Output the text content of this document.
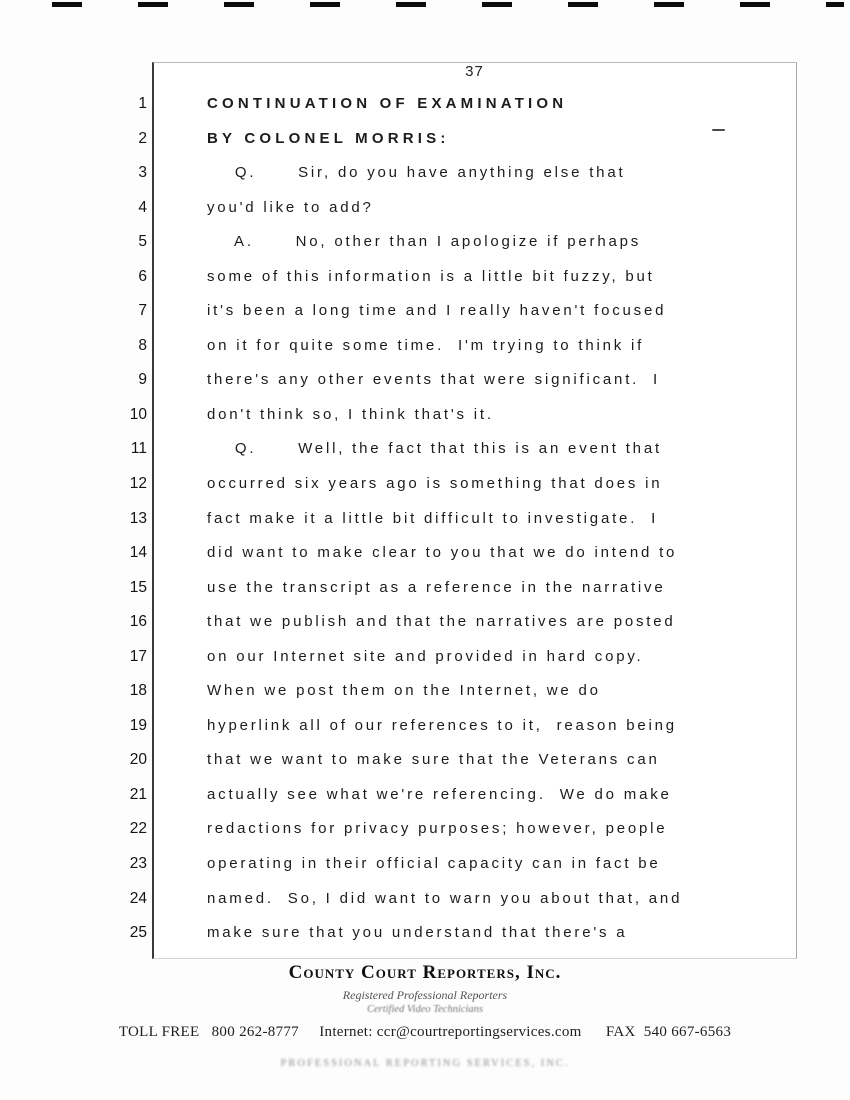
37
1	CONTINUATION OF EXAMINATION
2	BY COLONEL MORRIS:
3	Q.      Sir, do you have anything else that
4	you'd like to add?
5	A.      No, other than I apologize if perhaps
6	some of this information is a little bit fuzzy, but
7	it's been a long time and I really haven't focused
8	on it for quite some time.  I'm trying to think if
9	there's any other events that were significant.  I
10	don't think so, I think that's it.
11	Q.      Well, the fact that this is an event that
12	occurred six years ago is something that does in
13	fact make it a little bit difficult to investigate.  I
14	did want to make clear to you that we do intend to
15	use the transcript as a reference in the narrative
16	that we publish and that the narratives are posted
17	on our Internet site and provided in hard copy.
18	When we post them on the Internet, we do
19	hyperlink all of our references to it,  reason being
20	that we want to make sure that the Veterans can
21	actually see what we're referencing.  We do make
22	redactions for privacy purposes; however, people
23	operating in their official capacity can in fact be
24	named.  So, I did want to warn you about that, and
25	make sure that you understand that there's a
County Court Reporters, Inc.
Registered Professional Reporters
Certified Video Technicians
TOLL FREE   800 262-8777     Internet: ccr@courtreportingservices.com      FAX  540 667-6563
PROFESSIONAL REPORTING SERVICES, INC.
